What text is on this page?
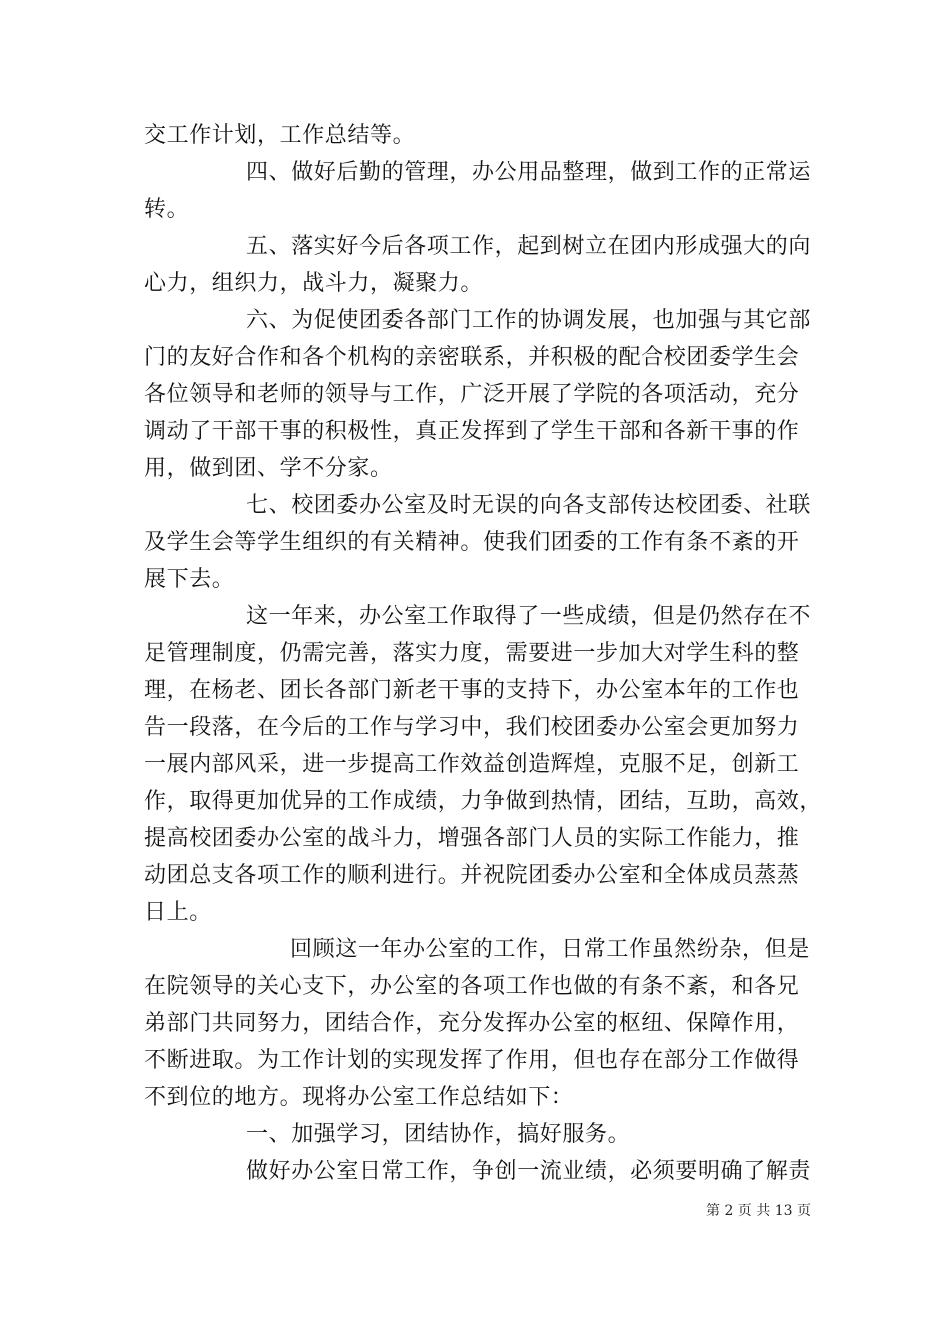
交工作计划，工作总结等。
四、做好后勤的管理，办公用品整理，做到工作的正常运
转。
五、落实好今后各项工作，起到树立在团内形成强大的向
心力，组织力，战斗力，凝聚力。
六、为促使团委各部门工作的协调发展，也加强与其它部
门的友好合作和各个机构的亲密联系，并积极的配合校团委学生会
各位领导和老师的领导与工作，广泛开展了学院的各项活动，充分
调动了干部干事的积极性，真正发挥到了学生干部和各新干事的作
用，做到团、学不分家。
七、校团委办公室及时无误的向各支部传达校团委、社联
及学生会等学生组织的有关精神。使我们团委的工作有条不紊的开
展下去。
这一年来，办公室工作取得了一些成绩，但是仍然存在不
足管理制度，仍需完善，落实力度，需要进一步加大对学生科的整
理，在杨老、团长各部门新老干事的支持下，办公室本年的工作也
告一段落，在今后的工作与学习中，我们校团委办公室会更加努力
一展内部风采，进一步提高工作效益创造辉煌，克服不足，创新工
作，取得更加优异的工作成绩，力争做到热情，团结，互助，高效，
提高校团委办公室的战斗力，增强各部门人员的实际工作能力，推
动团总支各项工作的顺利进行。并祝院团委办公室和全体成员蒸蒸
日上。
回顾这一年办公室的工作，日常工作虽然纷杂，但是
在院领导的关心支下，办公室的各项工作也做的有条不紊，和各兄
弟部门共同努力，团结合作，充分发挥办公室的枢纽、保障作用，
不断进取。为工作计划的实现发挥了作用，但也存在部分工作做得
不到位的地方。现将办公室工作总结如下：
一、加强学习，团结协作，搞好服务。
做好办公室日常工作，争创一流业绩，必须要明确了解责
第 2 页 共 13 页
